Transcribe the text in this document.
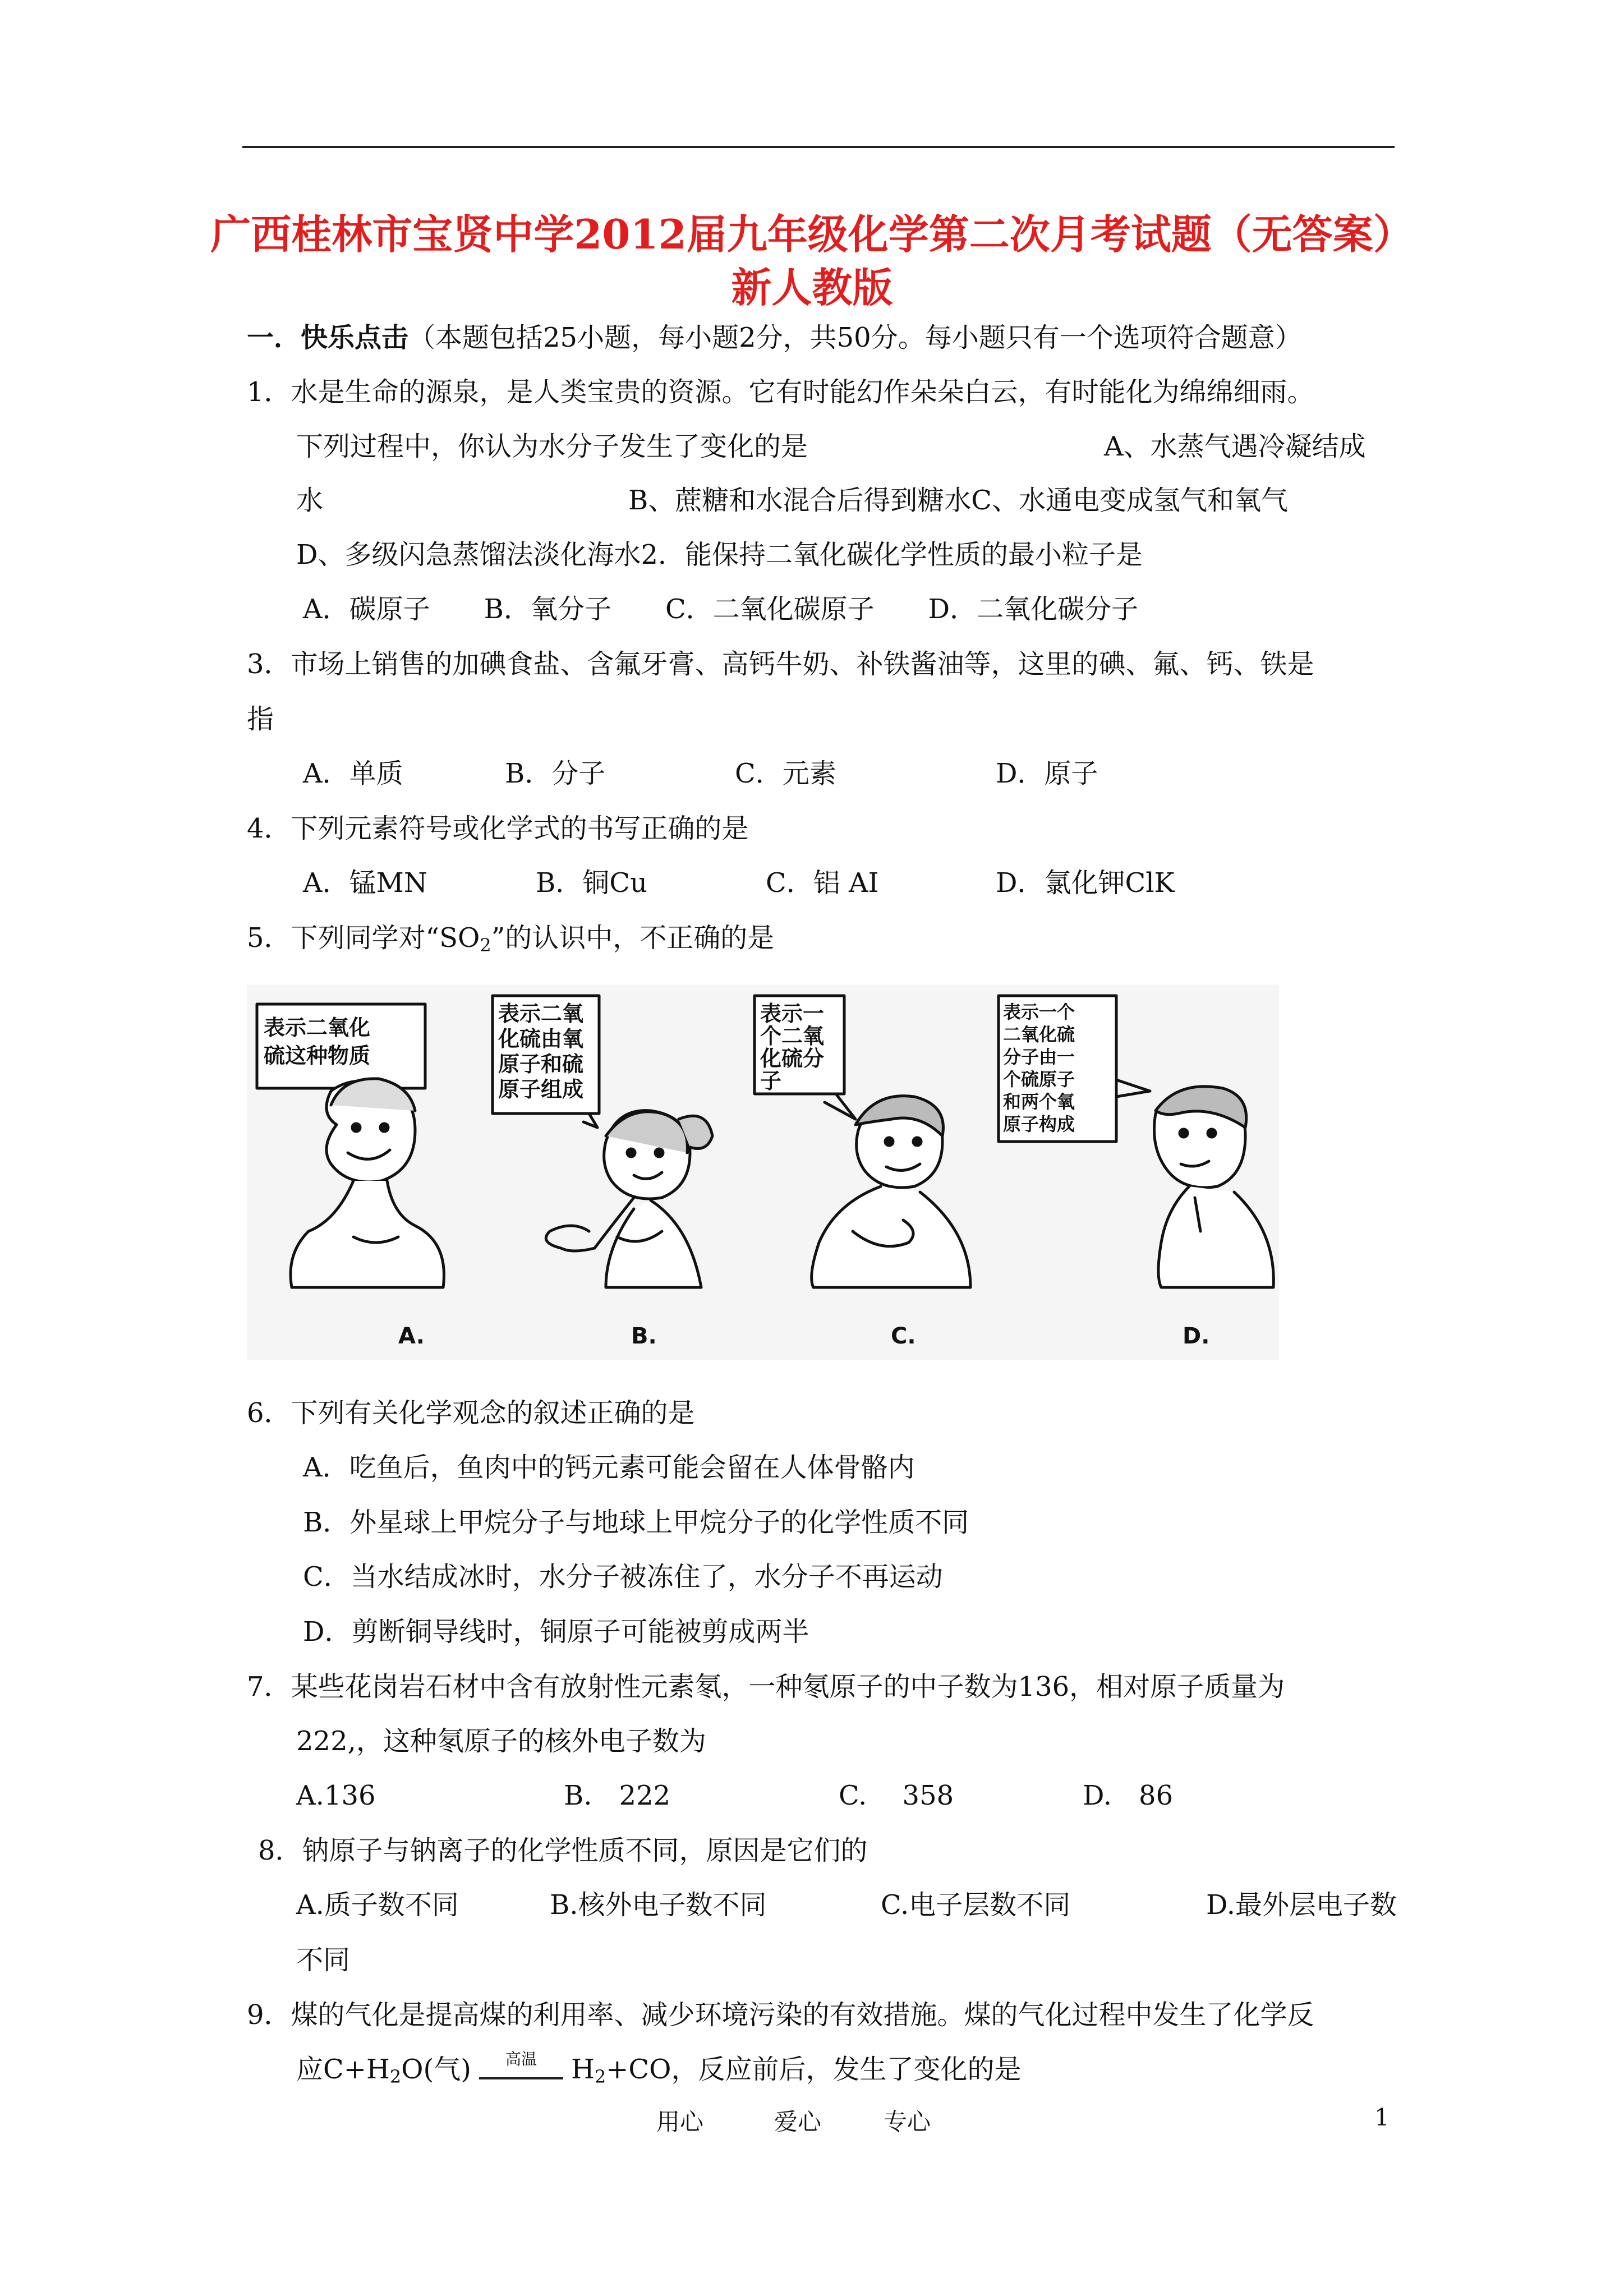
广西桂林市宝贤中学2012届九年级化学第二次月考试题（无答案）
新人教版
一．快乐点击（本题包括25小题，每小题2分，共50分。每小题只有一个选项符合题意）
1．水是生命的源泉，是人类宝贵的资源。它有时能幻作朵朵白云，有时能化为绵绵细雨。
下列过程中，你认为水分子发生了变化的是	A、水蒸气遇冷凝结成
水	B、蔗糖和水混合后得到糖水C、水通电变成氢气和氧气
D、多级闪急蒸馏法淡化海水2．能保持二氧化碳化学性质的最小粒子是
A．碳原子　　B．氧分子　　C．二氧化碳原子　　D．二氧化碳分子
3．市场上销售的加碘食盐、含氟牙膏、高钙牛奶、补铁酱油等，这里的碘、氟、钙、铁是
指
A．单质	B．分子	C．元素	D．原子
4．下列元素符号或化学式的书写正确的是
A．锰MN	B．铜Cu	C．铝 AI	D．氯化钾ClK
5．下列同学对“$SO_2$”的认识中，不正确的是
表示二氧化
硫这种物质
表示二氧
化硫由氧
原子和硫
原子组成
表示一
个二氧
化硫分
子
表示一个
二氧化硫
分子由一
个硫原子
和两个氧
原子构成
A.	B.	C.	D.
6．下列有关化学观念的叙述正确的是
A．吃鱼后，鱼肉中的钙元素可能会留在人体骨骼内
B．外星球上甲烷分子与地球上甲烷分子的化学性质不同
C．当水结成冰时，水分子被冻住了，水分子不再运动
D．剪断铜导线时，铜原子可能被剪成两半
7．某些花岗岩石材中含有放射性元素氡，一种氡原子的中子数为136，相对原子质量为
222,，这种氡原子的核外电子数为
A.136	B.　222	C.　 358	D.　86
8．钠原子与钠离子的化学性质不同，原因是它们的
A.质子数不同	B.核外电子数不同	C.电子层数不同	D.最外层电子数
不同
9．煤的气化是提高煤的利用率、减少环境污染的有效措施。煤的气化过程中发生了化学反
应$C+H_2O$(气)	高温	$H_2+CO$，反应前后，发生了变化的是
用心	爱心	专心	1
